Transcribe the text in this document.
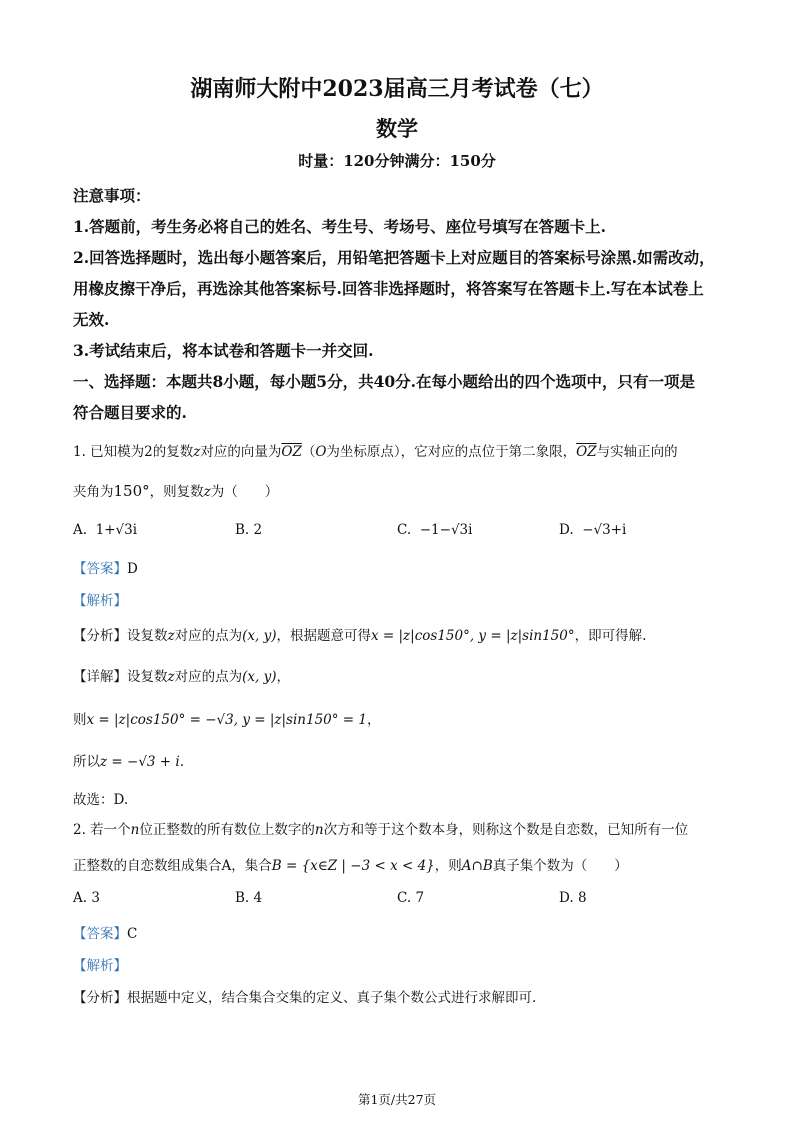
湖南师大附中2023届高三月考试卷（七）
数学
时量：120分钟满分：150分
注意事项：
1.答题前，考生务必将自己的姓名、考生号、考场号、座位号填写在答题卡上.
2.回答选择题时，选出每小题答案后，用铅笔把答题卡上对应题目的答案标号涂黑.如需改动，
用橡皮擦干净后，再选涂其他答案标号.回答非选择题时，将答案写在答题卡上.写在本试卷上
无效.
3.考试结束后，将本试卷和答题卡一并交回.
一、选择题：本题共8小题，每小题5分，共40分.在每小题给出的四个选项中，只有一项是
符合题目要求的.
1. 已知模为2的复数z对应的向量为$\overline{OZ}(O$为坐标原点），它对应的点位于第二象限，$\overline{OZ}$与实轴正向的
夹角为150°，则复数z为（　　）
A. 1+√3i	B. 2	C. −1−√3i	D. −√3+i
【答案】D
【解析】
【分析】设复数z对应的点为(x, y)，根据题意可得x = |z|cos150°, y = |z|sin150°，即可得解.
【详解】设复数z对应的点为(x, y)，
则x = |z|cos150° = −√3, y = |z|sin150° = 1，
所以z = −√3 + i.
故选：D.
2. 若一个n位正整数的所有数位上数字的n次方和等于这个数本身，则称这个数是自恋数，已知所有一位
正整数的自恋数组成集合A，集合B = {x∈Z | −3 < x < 4}，则A∩B真子集个数为（　　）
A. 3	B. 4	C. 7	D. 8
【答案】C
【解析】
【分析】根据题中定义，结合集合交集的定义、真子集个数公式进行求解即可.
第1页/共27页
